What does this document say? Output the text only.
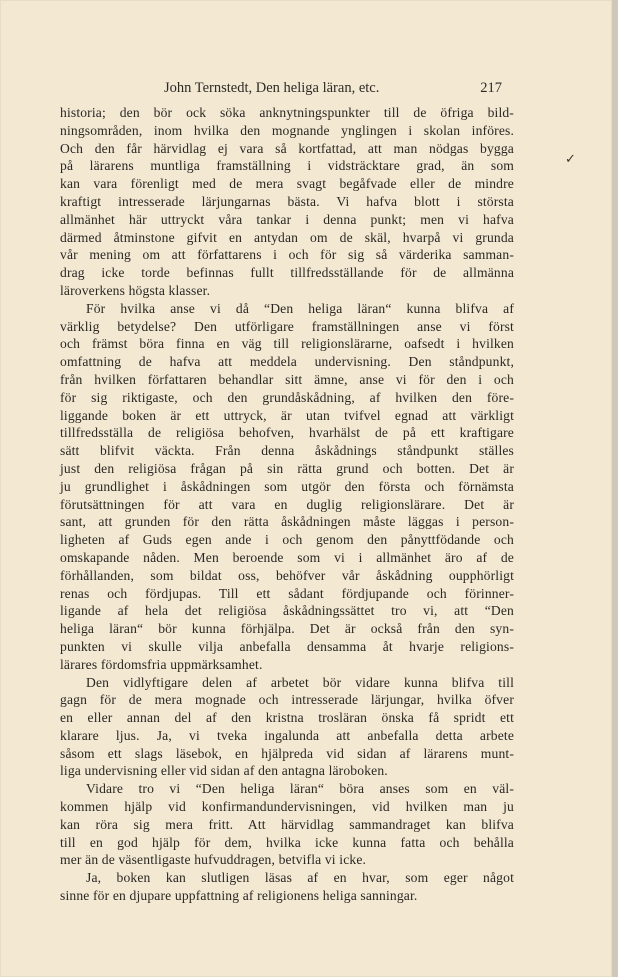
John Ternstedt, Den heliga läran, etc.	217
✓
historia; den bör ock söka anknytningspunkter till de öfriga bild-
ningsområden, inom hvilka den mognande ynglingen i skolan införes.
Och den får härvidlag ej vara så kortfattad, att man nödgas bygga
på lärarens muntliga framställning i vidsträcktare grad, än som
kan vara förenligt med de mera svagt begåfvade eller de mindre
kraftigt intresserade lärjungarnas bästa. Vi hafva blott i största
allmänhet här uttryckt våra tankar i denna punkt; men vi hafva
därmed åtminstone gifvit en antydan om de skäl, hvarpå vi grunda
vår mening om att författarens i och för sig så värderika samman-
drag icke torde befinnas fullt tillfredsställande för de allmänna
läroverkens högsta klasser.
För hvilka anse vi då “Den heliga läran“ kunna blifva af
värklig betydelse? Den utförligare framställningen anse vi först
och främst böra finna en väg till religionslärarne, oafsedt i hvilken
omfattning de hafva att meddela undervisning. Den ståndpunkt,
från hvilken författaren behandlar sitt ämne, anse vi för den i och
för sig riktigaste, och den grundåskådning, af hvilken den före-
liggande boken är ett uttryck, är utan tvifvel egnad att värkligt
tillfredsställa de religiösa behofven, hvarhälst de på ett kraftigare
sätt blifvit väckta. Från denna åskådnings ståndpunkt ställes
just den religiösa frågan på sin rätta grund och botten. Det är
ju grundlighet i åskådningen som utgör den första och förnämsta
förutsättningen för att vara en duglig religionslärare. Det är
sant, att grunden för den rätta åskådningen måste läggas i person-
ligheten af Guds egen ande i och genom den pånyttfödande och
omskapande nåden. Men beroende som vi i allmänhet äro af de
förhållanden, som bildat oss, behöfver vår åskådning oupphörligt
renas och fördjupas. Till ett sådant fördjupande och förinner-
ligande af hela det religiösa åskådningssättet tro vi, att “Den
heliga läran“ bör kunna förhjälpa. Det är också från den syn-
punkten vi skulle vilja anbefalla densamma åt hvarje religions-
lärares fördomsfria uppmärksamhet.
Den vidlyftigare delen af arbetet bör vidare kunna blifva till
gagn för de mera mognade och intresserade lärjungar, hvilka öfver
en eller annan del af den kristna trosläran önska få spridt ett
klarare ljus. Ja, vi tveka ingalunda att anbefalla detta arbete
såsom ett slags läsebok, en hjälpreda vid sidan af lärarens munt-
liga undervisning eller vid sidan af den antagna läroboken.
Vidare tro vi “Den heliga läran“ böra anses som en väl-
kommen hjälp vid konfirmandundervisningen, vid hvilken man ju
kan röra sig mera fritt. Att härvidlag sammandraget kan blifva
till en god hjälp för dem, hvilka icke kunna fatta och behålla
mer än de väsentligaste hufvuddragen, betvifla vi icke.
Ja, boken kan slutligen läsas af en hvar, som eger något
sinne för en djupare uppfattning af religionens heliga sanningar.
